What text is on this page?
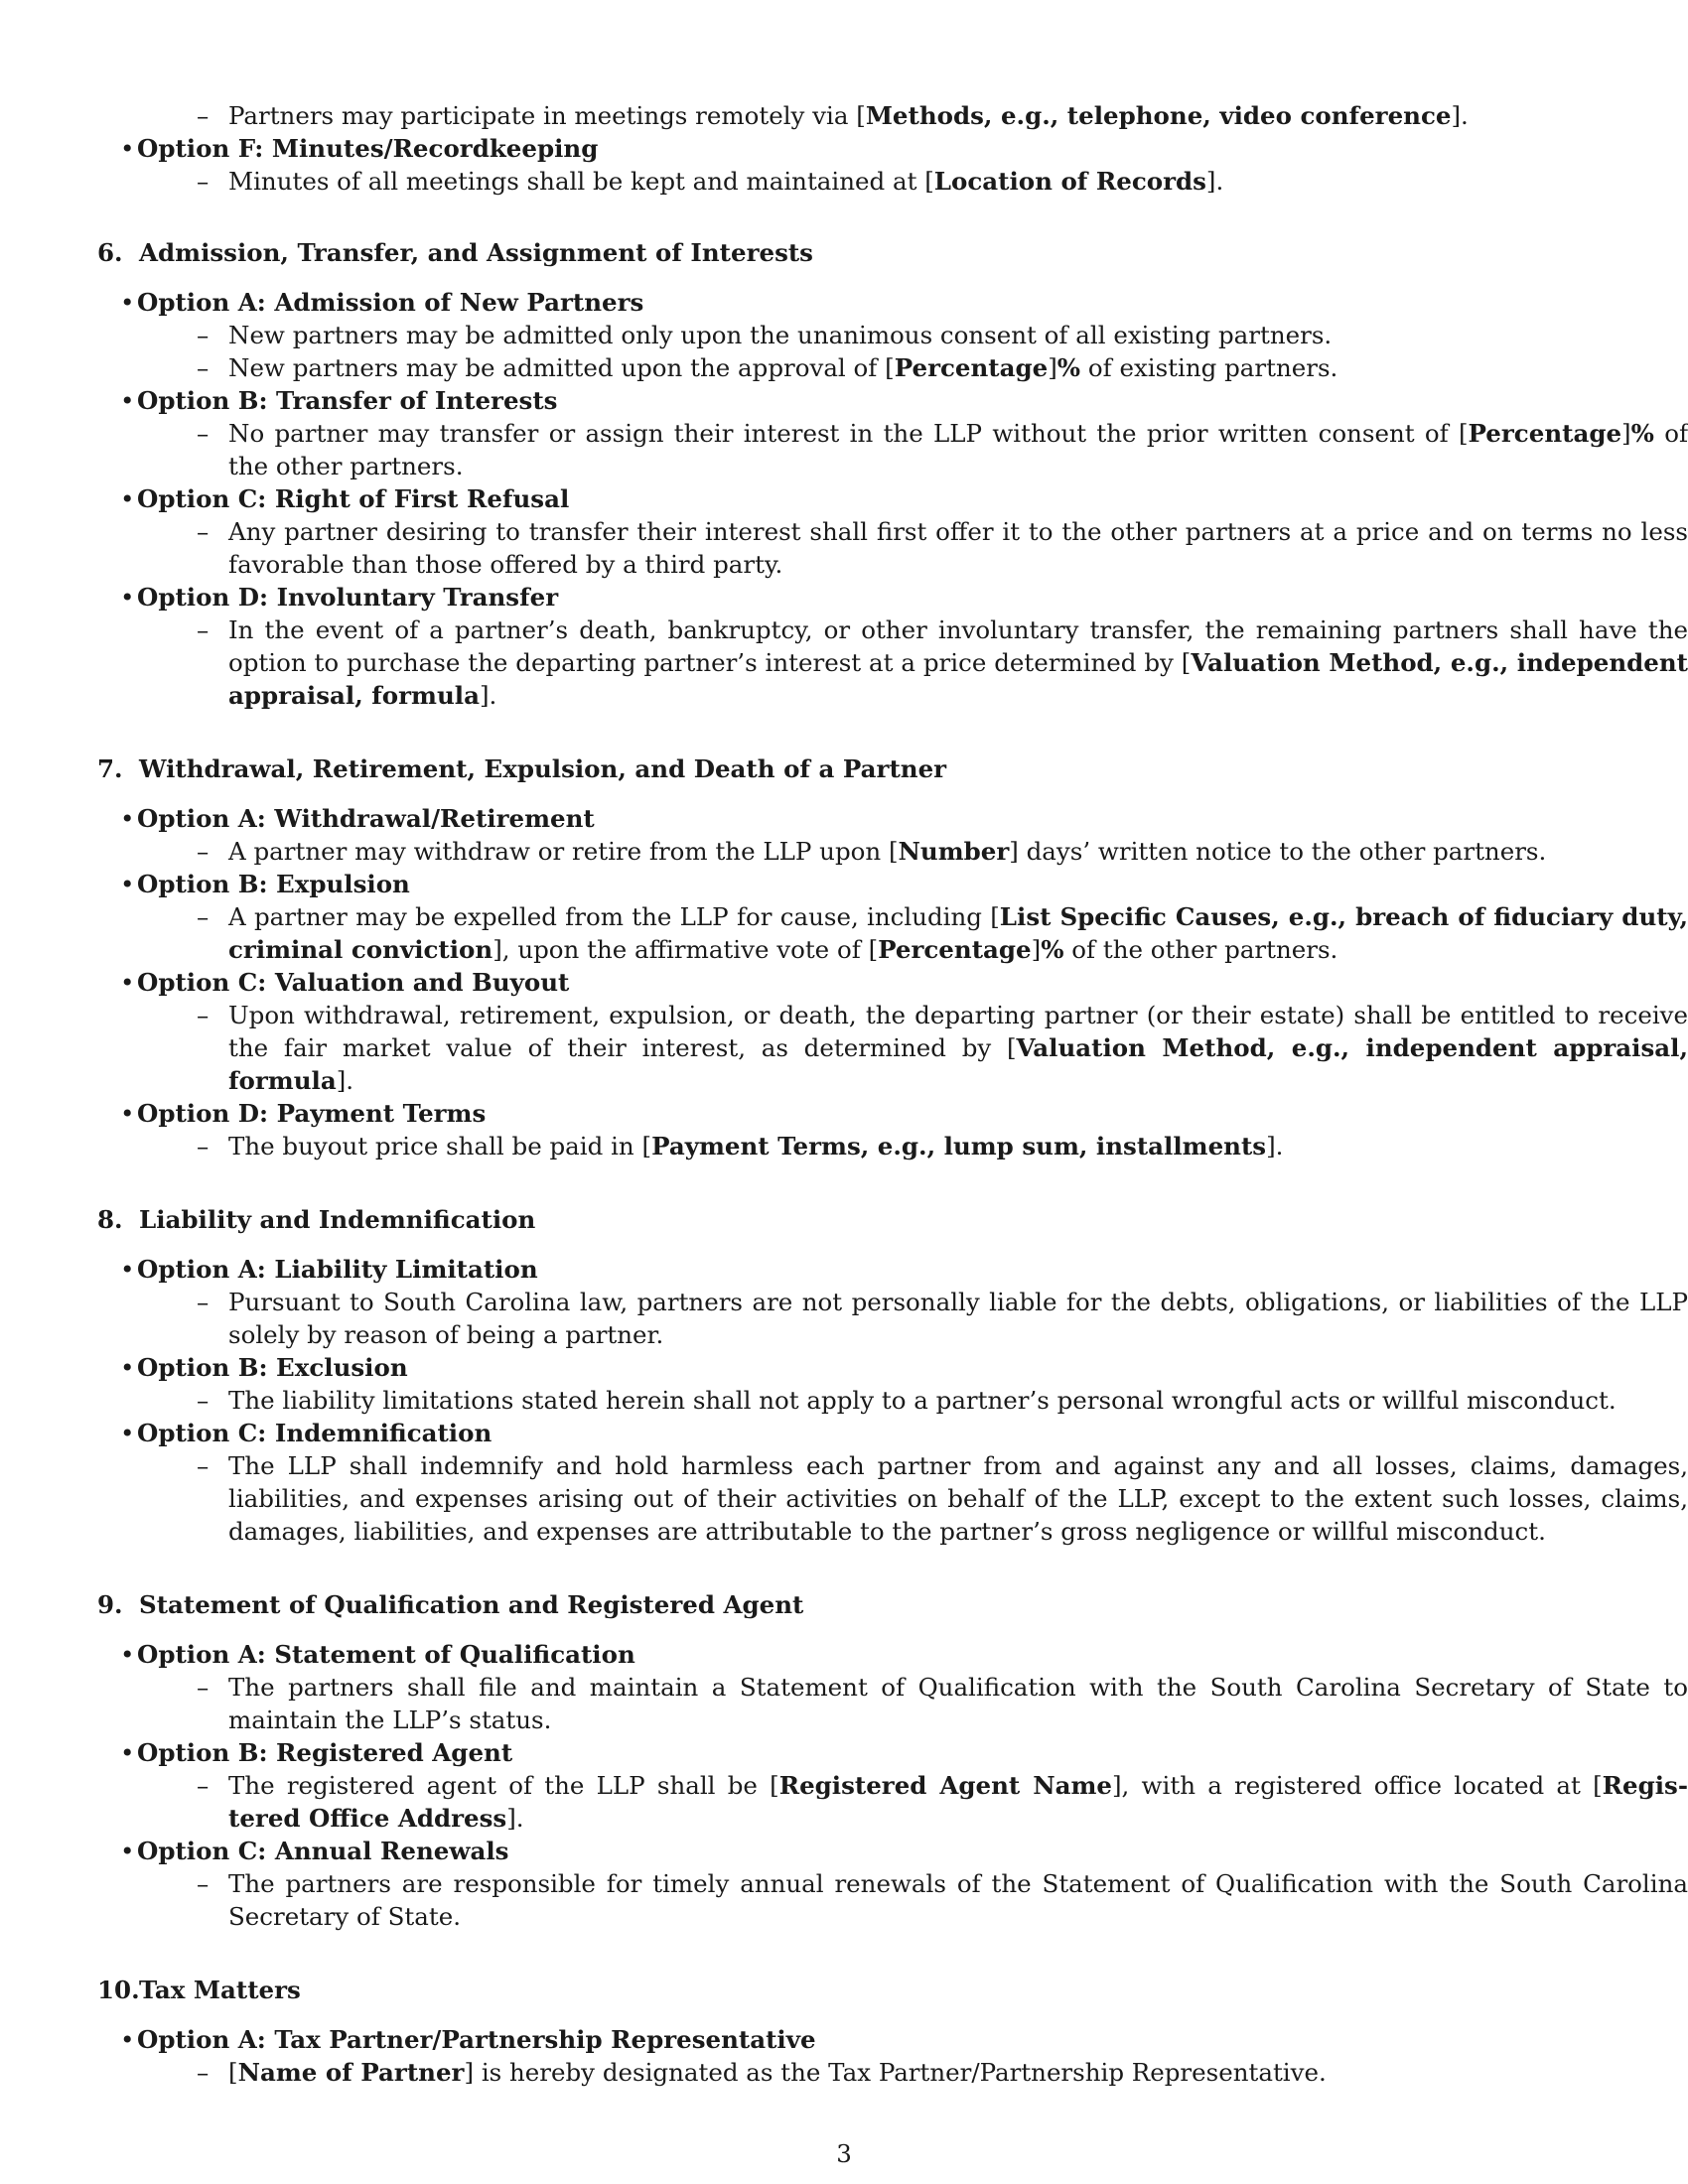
– Partners may participate in meetings remotely via [Methods, e.g., telephone, video conference].

• Option F: Minutes/Recordkeeping

– Minutes of all meetings shall be kept and maintained at [Location of Records].

6. Admission, Transfer, and Assignment of Interests

• Option A: Admission of New Partners

– New partners may be admitted only upon the unanimous consent of all existing partners.

– New partners may be admitted upon the approval of [Percentage]% of existing partners.

• Option B: Transfer of Interests

– No partner may transfer or assign their interest in the LLP without the prior written consent of [Percentage]% of the other partners.

• Option C: Right of First Refusal

– Any partner desiring to transfer their interest shall first offer it to the other partners at a price and on terms no less favorable than those offered by a third party.

• Option D: Involuntary Transfer

– In the event of a partner’s death, bankruptcy, or other involuntary transfer, the remaining partners shall have the option to purchase the departing partner’s interest at a price determined by [Valuation Method, e.g., independent appraisal, formula].

7. Withdrawal, Retirement, Expulsion, and Death of a Partner

• Option A: Withdrawal/Retirement

– A partner may withdraw or retire from the LLP upon [Number] days’ written notice to the other partners.

• Option B: Expulsion

– A partner may be expelled from the LLP for cause, including [List Specific Causes, e.g., breach of fiduciary duty, criminal conviction], upon the affirmative vote of [Percentage]% of the other partners.

• Option C: Valuation and Buyout

– Upon withdrawal, retirement, expulsion, or death, the departing partner (or their estate) shall be entitled to receive the fair market value of their interest, as determined by [Valuation Method, e.g., independent appraisal, formula].

• Option D: Payment Terms

– The buyout price shall be paid in [Payment Terms, e.g., lump sum, installments].

8. Liability and Indemnification

• Option A: Liability Limitation

– Pursuant to South Carolina law, partners are not personally liable for the debts, obligations, or liabilities of the LLP solely by reason of being a partner.

• Option B: Exclusion

– The liability limitations stated herein shall not apply to a partner’s personal wrongful acts or willful misconduct.

• Option C: Indemnification

– The LLP shall indemnify and hold harmless each partner from and against any and all losses, claims, damages, liabilities, and expenses arising out of their activities on behalf of the LLP, except to the extent such losses, claims, damages, liabilities, and expenses are attributable to the partner’s gross negligence or willful misconduct.

9. Statement of Qualification and Registered Agent

• Option A: Statement of Qualification

– The partners shall file and maintain a Statement of Qualification with the South Carolina Secretary of State to maintain the LLP’s status.

• Option B: Registered Agent

– The registered agent of the LLP shall be [Registered Agent Name], with a registered office located at [Regis- tered Office Address].

• Option C: Annual Renewals

– The partners are responsible for timely annual renewals of the Statement of Qualification with the South Carolina Secretary of State.

10.Tax Matters

• Option A: Tax Partner/Partnership Representative

– [Name of Partner] is hereby designated as the Tax Partner/Partnership Representative.

3
